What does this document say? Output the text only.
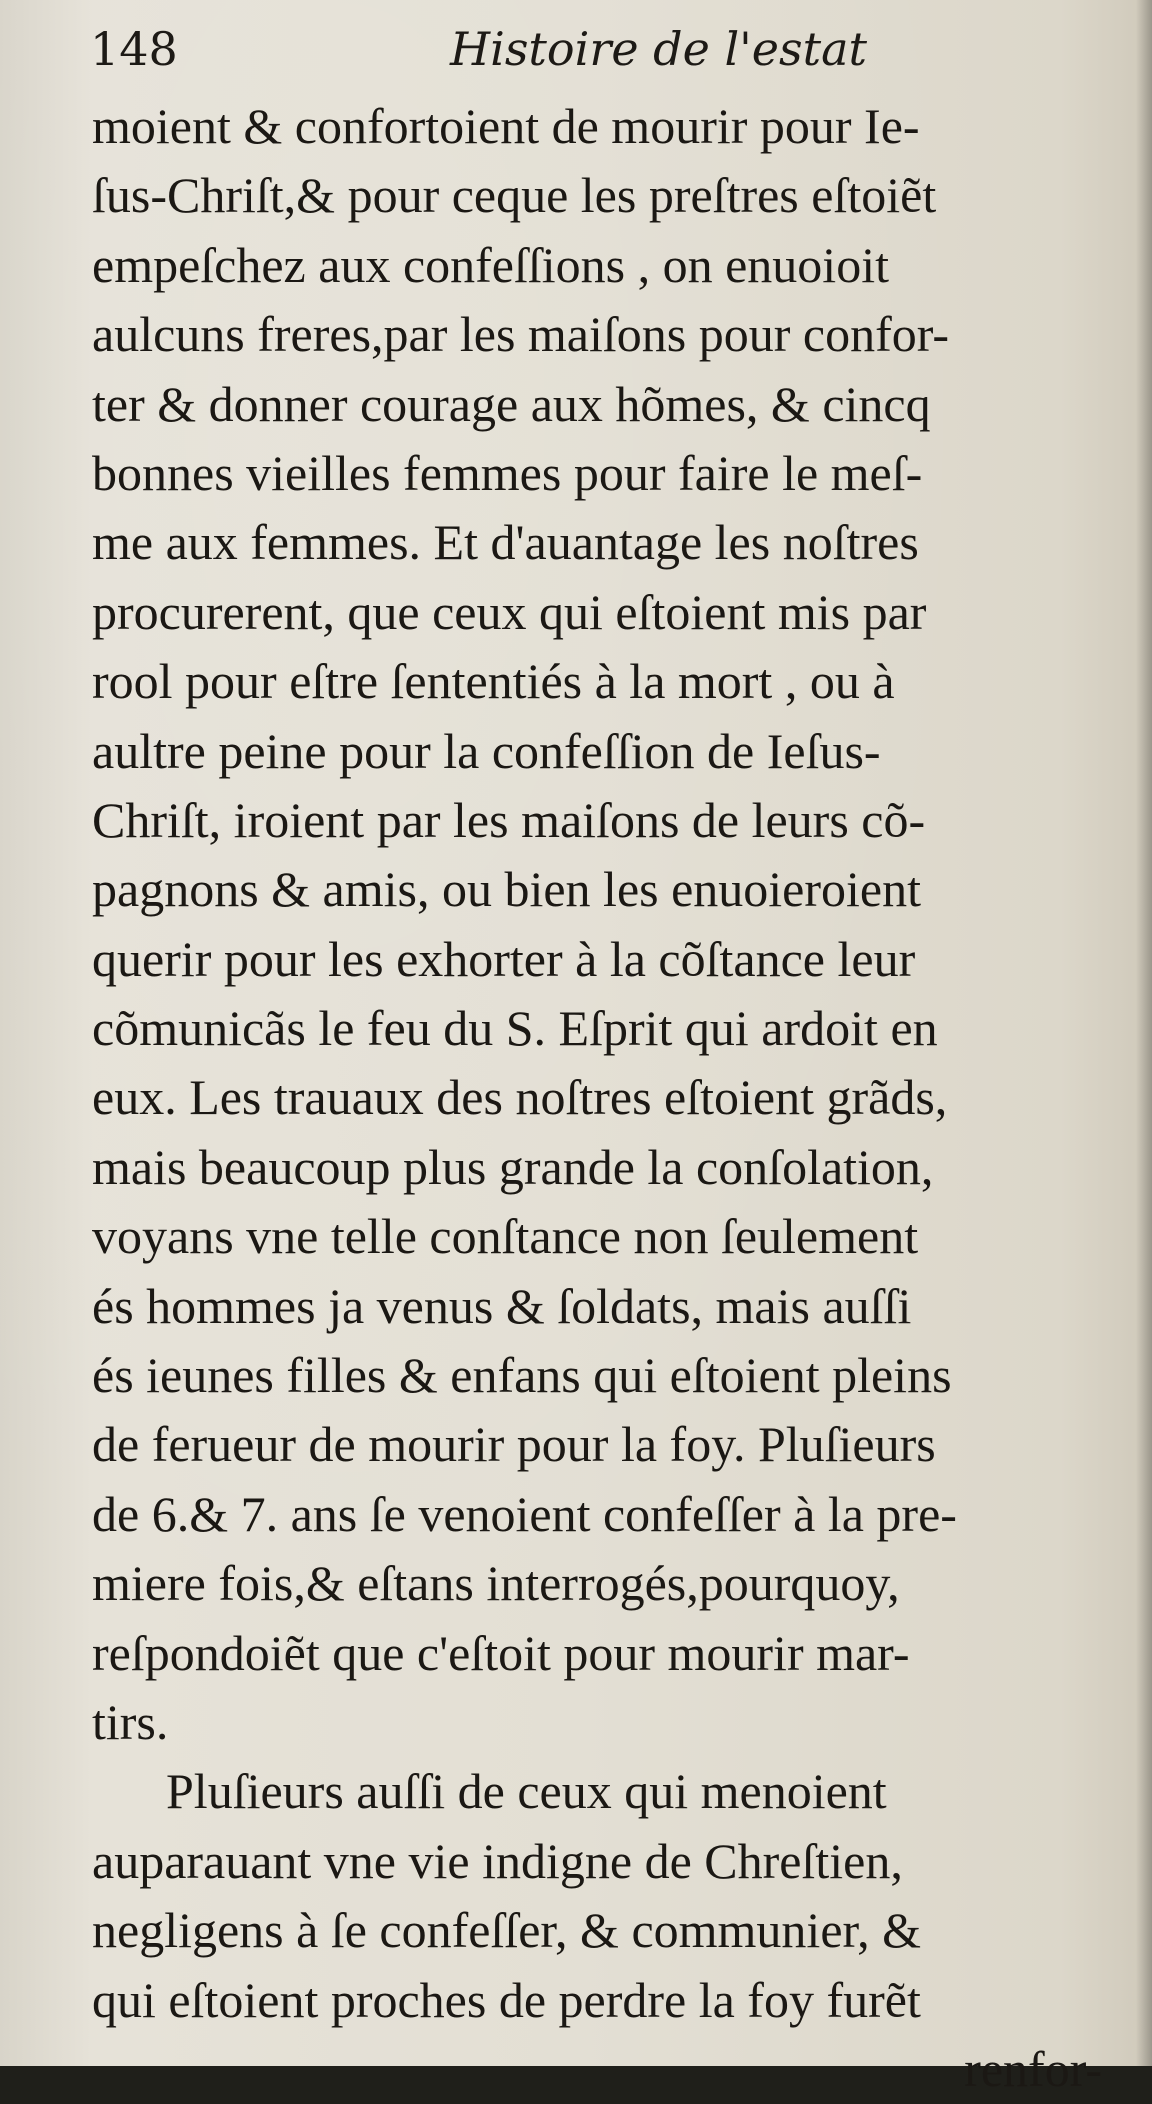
148	Histoire de l'estat
moient & confortoient de mourir pour Ie-
ſus-Chriſt,& pour ceque les preſtres eſtoiẽt
empeſchez aux confeſſions , on enuoioit
aulcuns freres,par les maiſons pour confor-
ter & donner courage aux hõmes, & cincq
bonnes vieilles femmes pour faire le meſ-
me aux femmes. Et d'auantage les noſtres
procurerent, que ceux qui eſtoient mis par
rool pour eſtre ſententiés à la mort , ou à
aultre peine pour la confeſſion de Ieſus-
Chriſt, iroient par les maiſons de leurs cõ-
pagnons & amis, ou bien les enuoieroient
querir pour les exhorter à la cõſtance leur
cõmunicãs le feu du S. Eſprit qui ardoit en
eux. Les trauaux des noſtres eſtoient grãds,
mais beaucoup plus grande la conſolation,
voyans vne telle conſtance non ſeulement
és hommes ja venus & ſoldats, mais auſſi
és ieunes filles & enfans qui eſtoient pleins
de ferueur de mourir pour la foy. Pluſieurs
de 6.& 7. ans ſe venoient confeſſer à la pre-
miere fois,& eſtans interrogés,pourquoy,
reſpondoiẽt que c'eſtoit pour mourir mar-
tirs.
Pluſieurs auſſi de ceux qui menoient
auparauant vne vie indigne de Chreſtien,
negligens à ſe confeſſer, & communier, &
qui eſtoient proches de perdre la foy furẽt
renfor-
